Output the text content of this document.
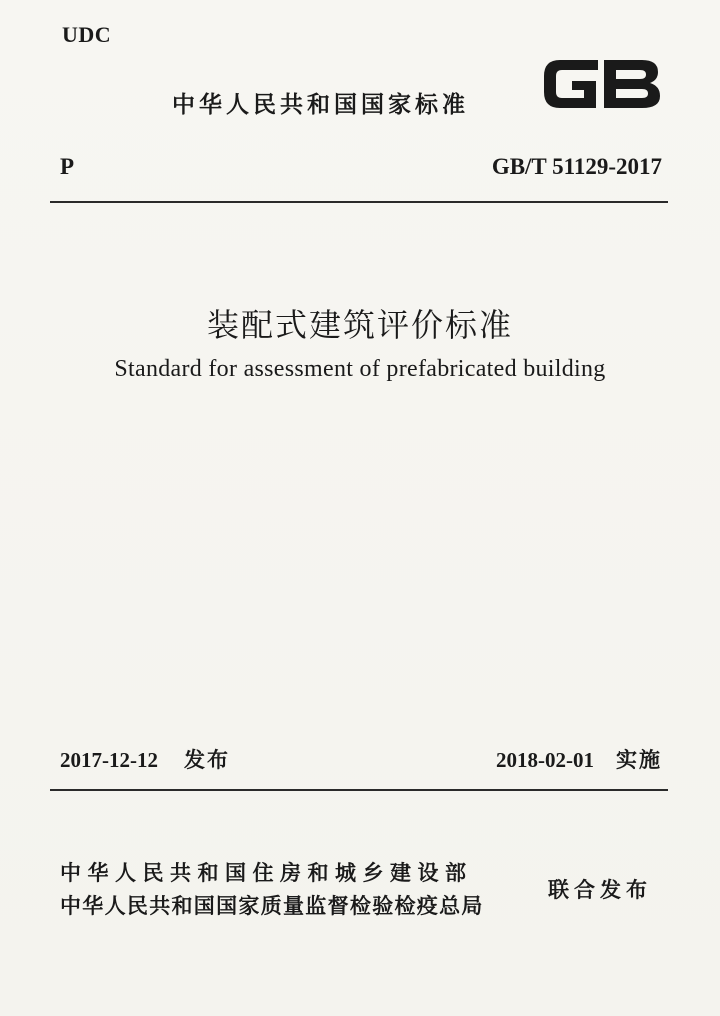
UDC
中华人民共和国国家标准
P	GB/T 51129-2017
装配式建筑评价标准
Standard for assessment of prefabricated building
2017-12-12 发布	2018-02-01 实施
中华人民共和国住房和城乡建设部
中华人民共和国国家质量监督检验检疫总局
联合发布
